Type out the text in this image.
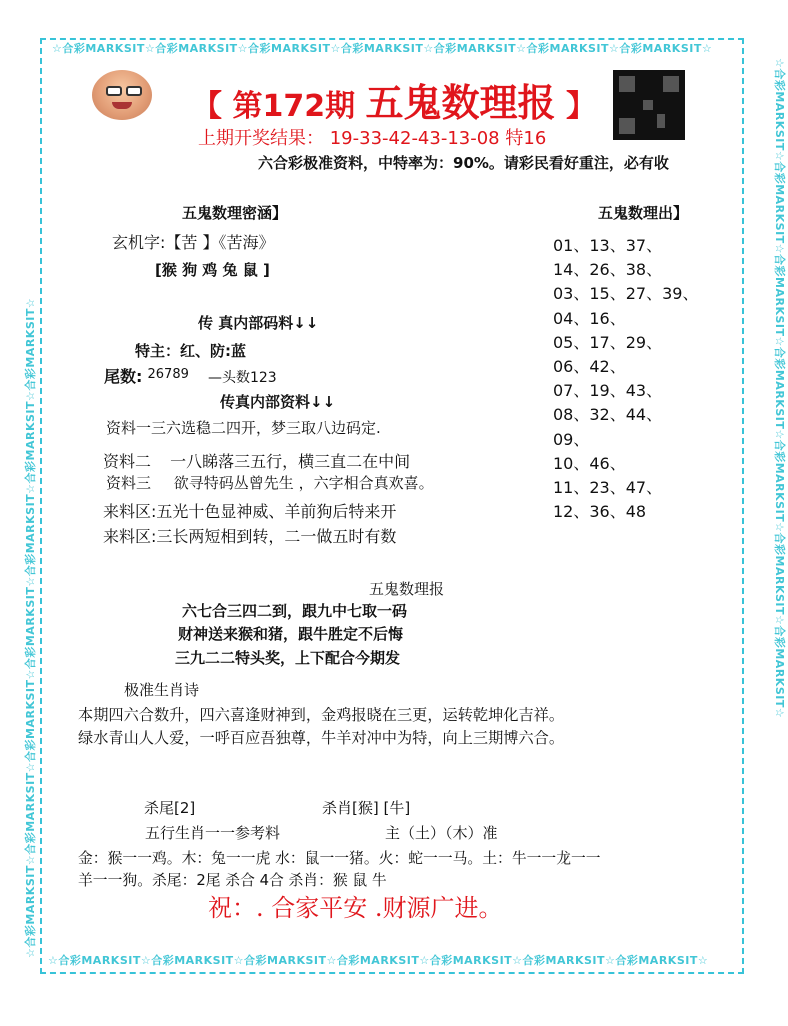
☆合彩MARKSIT☆合彩MARKSIT☆合彩MARKSIT☆合彩MARKSIT☆合彩MARKSIT☆合彩MARKSIT☆合彩MARKSIT☆
☆合彩MARKSIT☆合彩MARKSIT☆合彩MARKSIT☆合彩MARKSIT☆合彩MARKSIT☆合彩MARKSIT☆合彩MARKSIT☆
☆合彩MARKSIT☆合彩MARKSIT☆合彩MARKSIT☆合彩MARKSIT☆合彩MARKSIT☆合彩MARKSIT☆合彩MARKSIT☆	☆合彩MARKSIT☆合彩MARKSIT☆合彩MARKSIT☆合彩MARKSIT☆合彩MARKSIT☆合彩MARKSIT☆合彩MARKSIT☆
【 第172期 五鬼数理报 】
上期开奖结果： 19-33-42-43-13-08 特16
六合彩极准资料，中特率为：90%。请彩民看好重注，必有收
五鬼数理密涵】
玄机字:【苦 】《苦海》
[猴 狗 鸡 兔 鼠 ]
传 真内部码料↓↓
特主：红、防:蓝
尾数: $^{26789}$ —头数123
传真内部资料↓↓
资料一三六选稳二四开，梦三取八边码定.
资料二 一八睇落三五行，横三直二在中间
资料三 欲寻特码丛曾先生 ，六字相合真欢喜。
来料区:五光十色显神威、羊前狗后特来开
来料区:三长两短相到转，二一做五时有数
五鬼数理出】
01、13、37、
14、26、38、
03、15、27、39、
04、16、
05、17、29、
06、42、
07、19、43、
08、32、44、
09、
10、46、
11、23、47、
12、36、48
五鬼数理报
六七合三四二到，跟九中七取一码
财神送来猴和猪，跟牛胜定不后悔
三九二二特头奖，上下配合今期发
极准生肖诗
本期四六合数升，四六喜逢财神到，金鸡报晓在三更，运转乾坤化吉祥。
绿水青山人人爱，一呼百应吾独尊，牛羊对冲中为特，向上三期博六合。
杀尾[2]	杀肖[猴] [牛]
五行生肖一一参考料	主（土）（木）准
金：猴一一鸡。木：兔一一虎 水：鼠一一猪。火：蛇一一马。土：牛一一龙一一
羊一一狗。杀尾：2尾 杀合 4合 杀肖：猴 鼠 牛
祝：. 合家平安 .财源广进。
